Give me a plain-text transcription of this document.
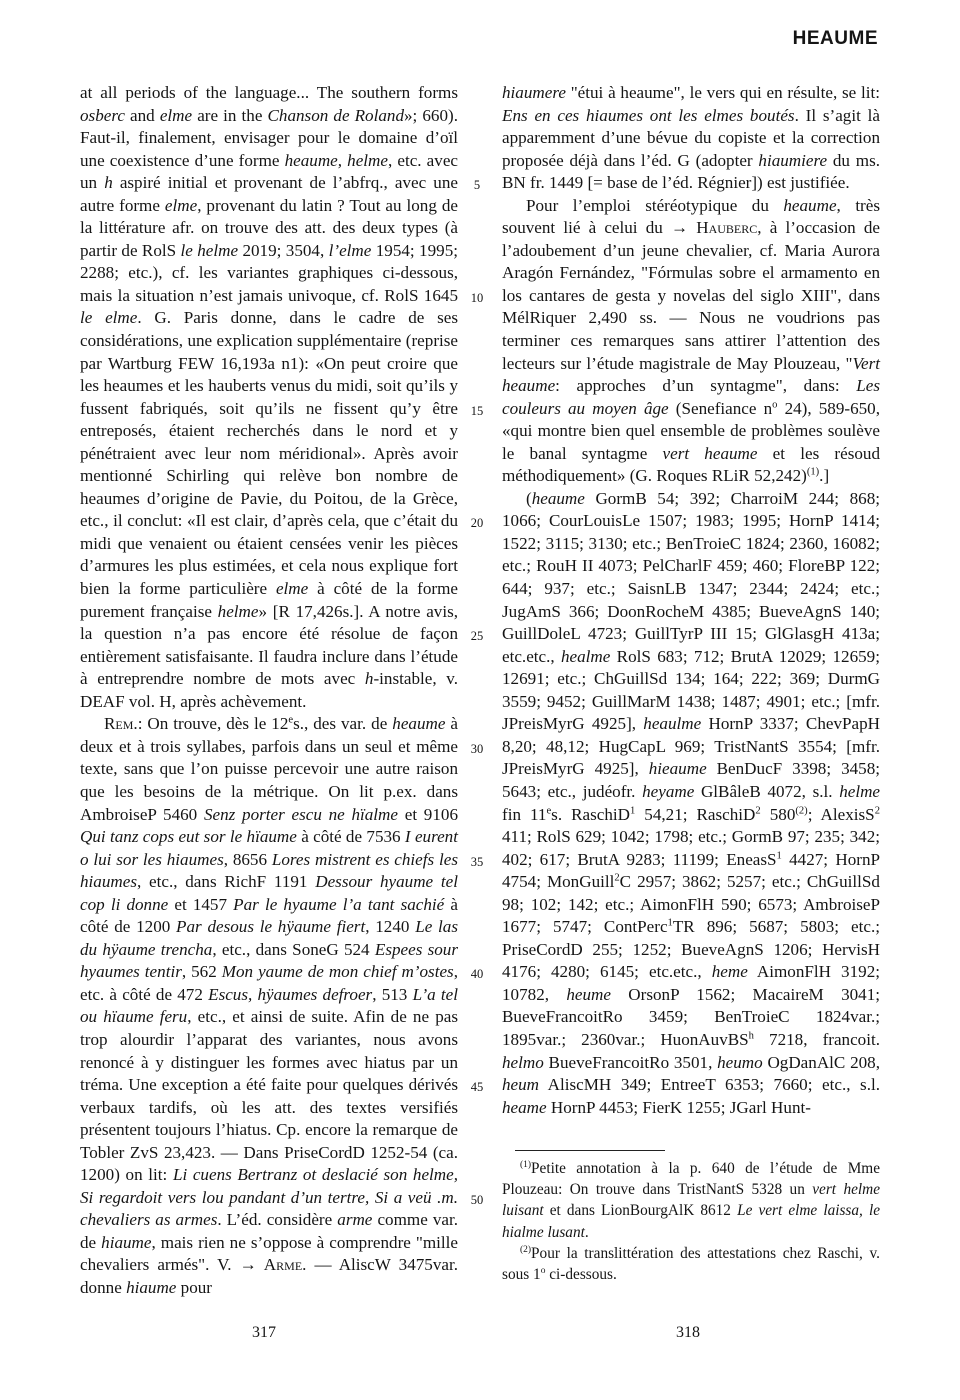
HEAUME

at all periods of the language... The southern forms osberc and elme are in the Chanson de Roland»; 660). Faut-il, finalement, envisager pour le domaine d’oïl une coexistence d’une forme heaume, helme, etc. avec un h aspiré initial et provenant de l’abfrq., avec une autre forme elme, provenant du latin ? Tout au long de la littérature afr. on trouve des att. des deux types (à partir de RolS le helme 2019; 3504, l’elme 1954; 1995; 2288; etc.), cf. les variantes graphiques ci-dessous, mais la situation n’est jamais univoque, cf. RolS 1645 le elme. G. Paris donne, dans le cadre de ses considérations, une explication supplémentaire (reprise par Wartburg FEW 16,193a n1): «On peut croire que les heaumes et les hauberts venus du midi, soit qu’ils y fussent fabriqués, soit qu’ils ne fissent qu’y être entreposés, étaient recherchés dans le nord et y pénétraient avec leur nom méridional». Après avoir mentionné Schirling qui relève bon nombre de heaumes d’origine de Pavie, du Poitou, de la Grèce, etc., il conclut: «Il est clair, d’après cela, que c’était du midi que venaient ou étaient censées venir les pièces d’armures les plus estimées, et cela nous explique fort bien la forme particulière elme à côté de la forme purement française helme» [R 17,426s.]. A notre avis, la question n’a pas encore été résolue de façon entièrement satisfaisante. Il faudra inclure dans l’étude à entreprendre nombre de mots avec h-instable, v. DEAF vol. H, après achèvement.

Rem.: On trouve, dès le 12es., des var. de heaume à deux et à trois syllabes, parfois dans un seul et même texte, sans que l’on puisse percevoir une autre raison que les besoins de la métrique. On lit p.ex. dans AmbroiseP 5460 Senz porter escu ne hïalme et 9106 Qui tanz cops eut sor le hïaume à côté de 7536 I eurent o lui sor les hiaumes, 8656 Lores mistrent es chiefs les hiaumes, etc., dans RichF 1191 Dessour hyaume tel cop li donne et 1457 Par le hyaume l’a tant sachié à côté de 1200 Par desous le hÿaume fiert, 1240 Le las du hÿaume trencha, etc., dans SoneG 524 Espees sour hyaumes tentir, 562 Mon yaume de mon chief m’ostes, etc. à côté de 472 Escus, hÿaumes defroer, 513 L’a tel ou hïaume feru, etc., et ainsi de suite. Afin de ne pas trop alourdir l’apparat des variantes, nous avons renoncé à y distinguer les formes avec hiatus par un tréma. Une exception a été faite pour quelques dérivés verbaux tardifs, où les att. des textes versifiés présentent toujours l’hiatus. Cp. encore la remarque de Tobler ZvS 23,423. — Dans PriseCordD 1252-54 (ca. 1200) on lit: Li cuens Bertranz ot deslacié son helme, Si regardoit vers lou pandant d’un tertre, Si a veü .m. chevaliers as armes. L’éd. considère arme comme var. de hiaume, mais rien ne s’oppose à comprendre "mille chevaliers armés". V. → Arme. — AliscW 3475var. donne hiaume pour

hiaumere "étui à heaume", le vers qui en résulte, se lit: Ens en ces hiaumes ont les elmes boutés. Il s’agit là apparemment d’une bévue du copiste et la correction proposée déjà dans l’éd. G (adopter hiaumiere du ms. BN fr. 1449 [= base de l’éd. Régnier]) est justifiée.

Pour l’emploi stéréotypique du heaume, très souvent lié à celui du → Hauberc, à l’occasion de l’adoubement d’un jeune chevalier, cf. Maria Aurora Aragón Fernández, "Fórmulas sobre el armamento en los cantares de gesta y novelas del siglo XIII", dans MélRiquer 2,490 ss. — Nous ne voudrions pas terminer ces remarques sans attirer l’attention des lecteurs sur l’étude magistrale de May Plouzeau, "Vert heaume: approches d’un syntagme", dans: Les couleurs au moyen âge (Senefiance $n^o$ 24), 589-650, «qui montre bien quel ensemble de problèmes soulève le banal syntagme vert heaume et les résoud méthodiquement» (G. Roques RLiR 52,242)$^{(1)}$.]

(heaume GormB 54; 392; CharroiM 244; 868; 1066; CourLouisLe 1507; 1983; 1995; HornP 1414; 1522; 3115; 3130; etc.; BenTroieC 1824; 2360, 16082; etc.; RouH II 4073; PelCharlF 459; 460; FloreBP 122; 644; 937; etc.; SaisnLB 1347; 2344; 2424; etc.; JugAmS 366; DoonRocheM 4385; BueveAgnS 140; GuillDoleL 4723; GuillTyrP III 15; GlGlasgH 413a; etc.etc., healme RolS 683; 712; BrutA 12029; 12659; 12691; etc.; ChGuillSd 134; 164; 222; 369; DurmG 3559; 9452; GuillMarM 1438; 1487; 4901; etc.; [mfr. JPreisMyrG 4925], heaulme HornP 3337; ChevPapH 8,20; 48,12; HugCapL 969; TristNantS 3554; [mfr. JPreisMyrG 4925], hieaume BenDucF 3398; 3458; 5643; etc., judéofr. heyame GlBâleB 4072, s.l. helme fin 11es. RaschiD$^1$ 54,21; RaschiD$^2$ 580$^{(2)}$; AlexisS$^2$ 411; RolS 629; 1042; 1798; etc.; GormB 97; 235; 342; 402; 617; BrutA 9283; 11199; EneasS$^1$ 4427; HornP 4754; MonGuill$^2$C 2957; 3862; 5257; etc.; ChGuillSd 98; 102; 142; etc.; AimonFlH 590; 6573; AmbroiseP 1677; 5747; ContPerc$^1$TR 896; 5687; 5803; etc.; PriseCordD 255; 1252; BueveAgnS 1206; HervisH 4176; 4280; 6145; etc.etc., heme AimonFlH 3192; 10782, heume OrsonP 1562; MacaireM 3041; BueveFrancoitRo 3459; BenTroieC 1824var.; 1895var.; 2360var.; HuonAuvBS$^h$ 7218, francoit. helmo BueveFrancoitRo 3501, heumo OgDanAlC 208, heum AliscMH 349; EntreeT 6353; 7660; etc., s.l. heame HornP 4453; FierK 1255; JGarl Hunt-

5
10
15
20
25
30
35
40
45
50

$^{(1)}$Petite annotation à la p. 640 de l’étude de Mme Plouzeau: On trouve dans TristNantS 5328 un vert helme luisant et dans LionBourgAlK 8612 Le vert elme laissa, le hialme lusant.

$^{(2)}$Pour la translittération des attestations chez Raschi, v. sous 1$^o$ ci-dessous.

317	318
